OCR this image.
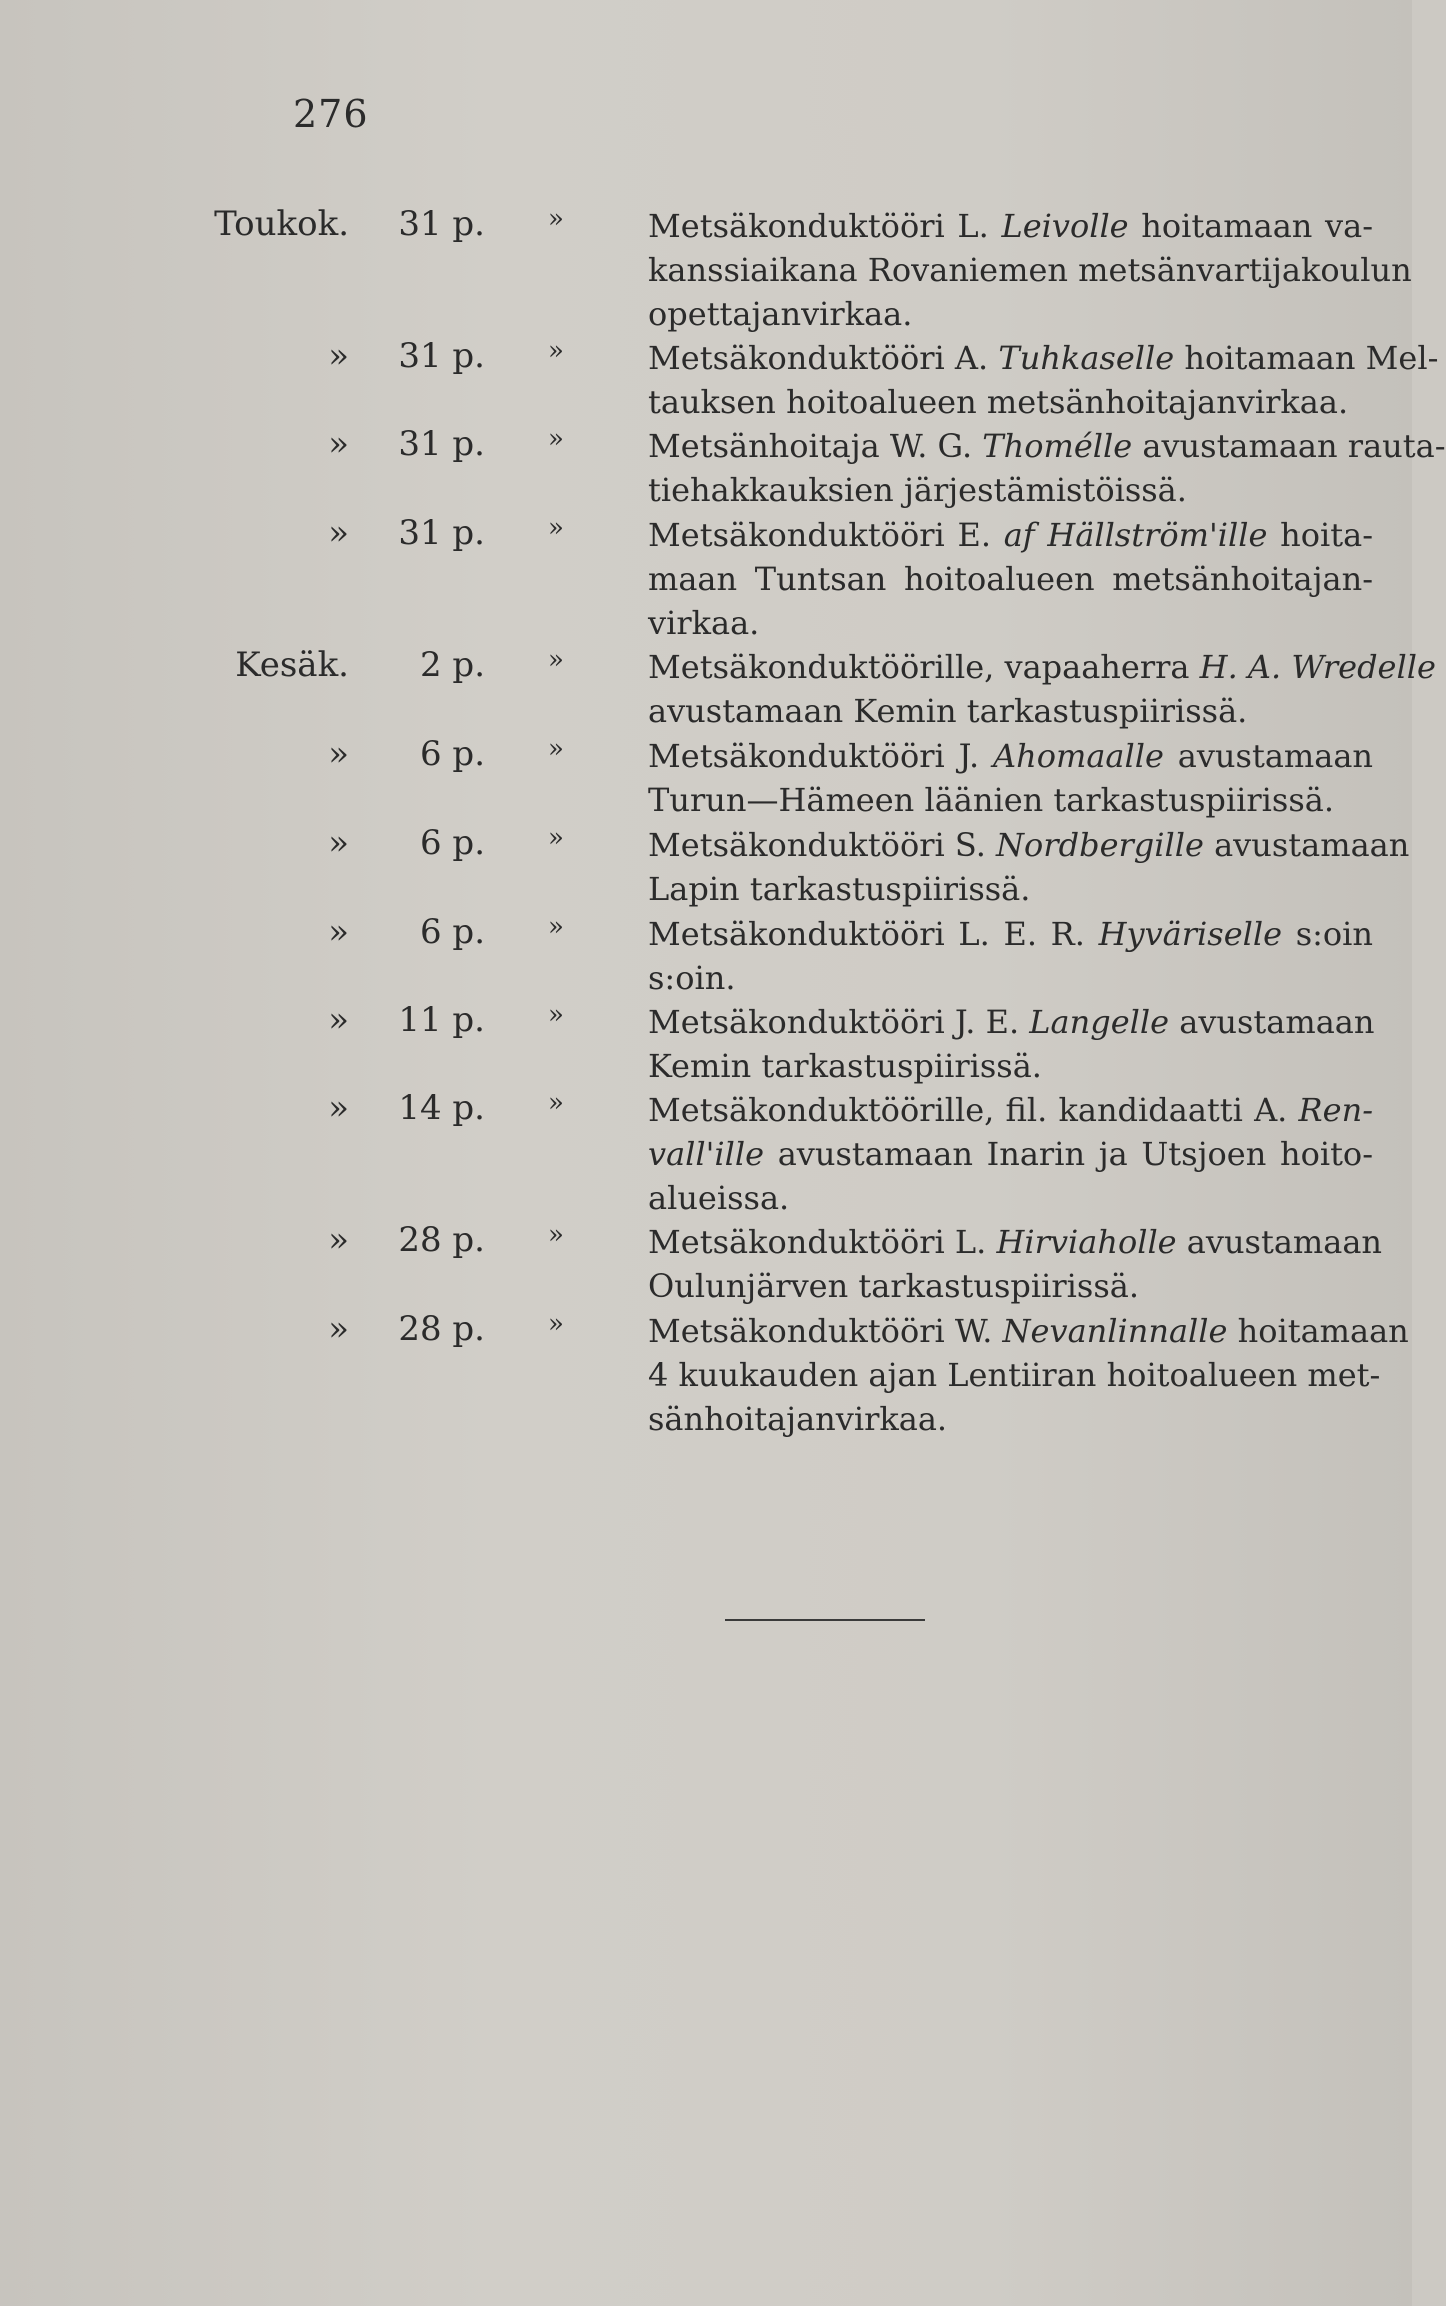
276
Toukok. 31 p. »	Metsäkonduktööri L. Leivolle hoitamaan va-
kanssiaikana Rovaniemen metsänvartijakoulun
opettajanvirkaa.
» 31 p. »	Metsäkonduktööri A. Tuhkaselle hoitamaan Mel-
tauksen hoitoalueen metsänhoitajanvirkaa.
» 31 p. »	Metsänhoitaja W. G. Thomélle avustamaan rauta-
tiehakkauksien järjestämistöissä.
» 31 p. »	Metsäkonduktööri E. af Hällström'ille hoita-
maan Tuntsan hoitoalueen metsänhoitajan-
virkaa.
Kesäk.	2 p. »	Metsäkonduktöörille, vapaaherra H. A. Wredelle
avustamaan Kemin tarkastuspiirissä.
»	6 p. »	Metsäkonduktööri J. Ahomaalle avustamaan
Turun—Hämeen läänien tarkastuspiirissä.
»	6 p. »	Metsäkonduktööri S. Nordbergille avustamaan
Lapin tarkastuspiirissä.
»	6 p. »	Metsäkonduktööri L. E. R. Hyväriselle s:oin
s:oin.
» 11 p. »	Metsäkonduktööri J. E. Langelle avustamaan
Kemin tarkastuspiirissä.
» 14 p. »	Metsäkonduktöörille, fil. kandidaatti A. Ren-
vall'ille avustamaan Inarin ja Utsjoen hoito-
alueissa.
» 28 p. »	Metsäkonduktööri L. Hirviaholle avustamaan
Oulunjärven tarkastuspiirissä.
» 28 p. »	Metsäkonduktööri W. Nevanlinnalle hoitamaan
4 kuukauden ajan Lentiiran hoitoalueen met-
sänhoitajanvirkaa.
